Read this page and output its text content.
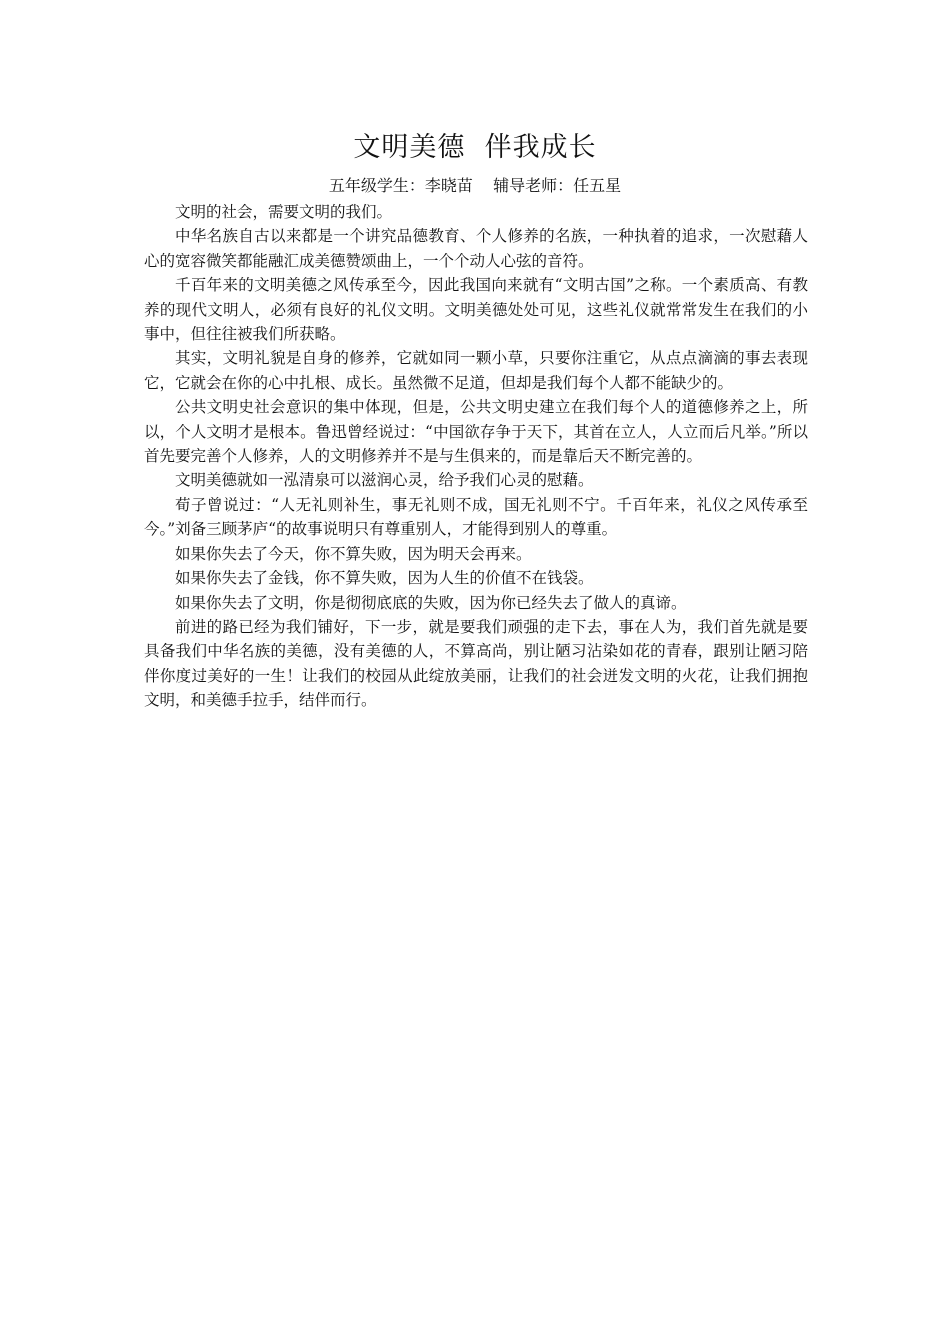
文明美德  伴我成长
五年级学生：李晓苗    辅导老师：任五星

文明的社会，需要文明的我们。

中华名族自古以来都是一个讲究品德教育、个人修养的名族，一种执着的追求，一次慰藉人心的宽容微笑都能融汇成美德赞颂曲上，一个个动人心弦的音符。

千百年来的文明美德之风传承至今，因此我国向来就有“文明古国”之称。一个素质高、有教养的现代文明人，必须有良好的礼仪文明。文明美德处处可见，这些礼仪就常常发生在我们的小事中，但往往被我们所获略。

其实，文明礼貌是自身的修养，它就如同一颗小草，只要你注重它，从点点滴滴的事去表现它，它就会在你的心中扎根、成长。虽然微不足道，但却是我们每个人都不能缺少的。

公共文明史社会意识的集中体现，但是，公共文明史建立在我们每个人的道德修养之上，所以，个人文明才是根本。鲁迅曾经说过：“中国欲存争于天下，其首在立人，人立而后凡举。”所以首先要完善个人修养，人的文明修养并不是与生俱来的，而是靠后天不断完善的。

文明美德就如一泓清泉可以滋润心灵，给予我们心灵的慰藉。

荀子曾说过：“人无礼则补生，事无礼则不成，国无礼则不宁。千百年来，礼仪之风传承至今。”刘备三顾茅庐“的故事说明只有尊重别人，才能得到别人的尊重。

如果你失去了今天，你不算失败，因为明天会再来。

如果你失去了金钱，你不算失败，因为人生的价值不在钱袋。

如果你失去了文明，你是彻彻底底的失败，因为你已经失去了做人的真谛。

前进的路已经为我们铺好，下一步，就是要我们顽强的走下去，事在人为，我们首先就是要具备我们中华名族的美德，没有美德的人，不算高尚，别让陋习沾染如花的青春，跟别让陋习陪伴你度过美好的一生！让我们的校园从此绽放美丽，让我们的社会迸发文明的火花，让我们拥抱文明，和美德手拉手，结伴而行。
